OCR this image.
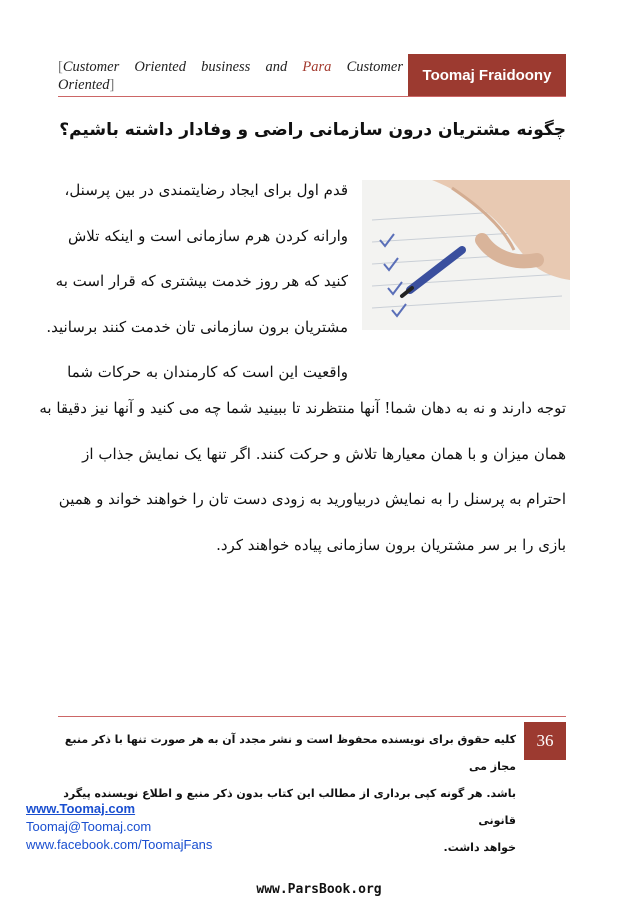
[Customer Oriented business and Para Customer Oriented]
Toomaj Fraidoony
چگونه مشتریان درون سازمانی راضی و وفادار داشته باشیم؟
قدم اول برای ایجاد رضایتمندی در بین پرسنل،
وارانه کردن هرم سازمانی است و اینکه تلاش
کنید که هر روز خدمت بیشتری که قرار است به
مشتریان برون سازمانی تان خدمت کنند برسانید.
واقعیت این است که کارمندان به حرکات شما
توجه دارند و نه به دهان شما! آنها منتظرند تا ببینید شما چه می کنید و آنها نیز دقیقا به
همان میزان و با همان معیارها تلاش و حرکت کنند. اگر تنها یک نمایش جذاب از
احترام به پرسنل را به نمایش دربیاورید به زودی دست تان را خواهند خواند و همین
بازی را بر سر مشتریان برون سازمانی پیاده خواهند کرد.
36
کلیه حقوق برای نویسنده محفوظ است و نشر مجدد آن به هر صورت تنها با ذکر منبع مجاز می
باشد. هر گونه کپی برداری از مطالب این کتاب بدون ذکر منبع و اطلاع نویسنده پیگرد قانونی
خواهد داشت.
www.Toomaj.com
Toomaj@Toomaj.com
www.facebook.com/ToomajFans
www.ParsBook.org
